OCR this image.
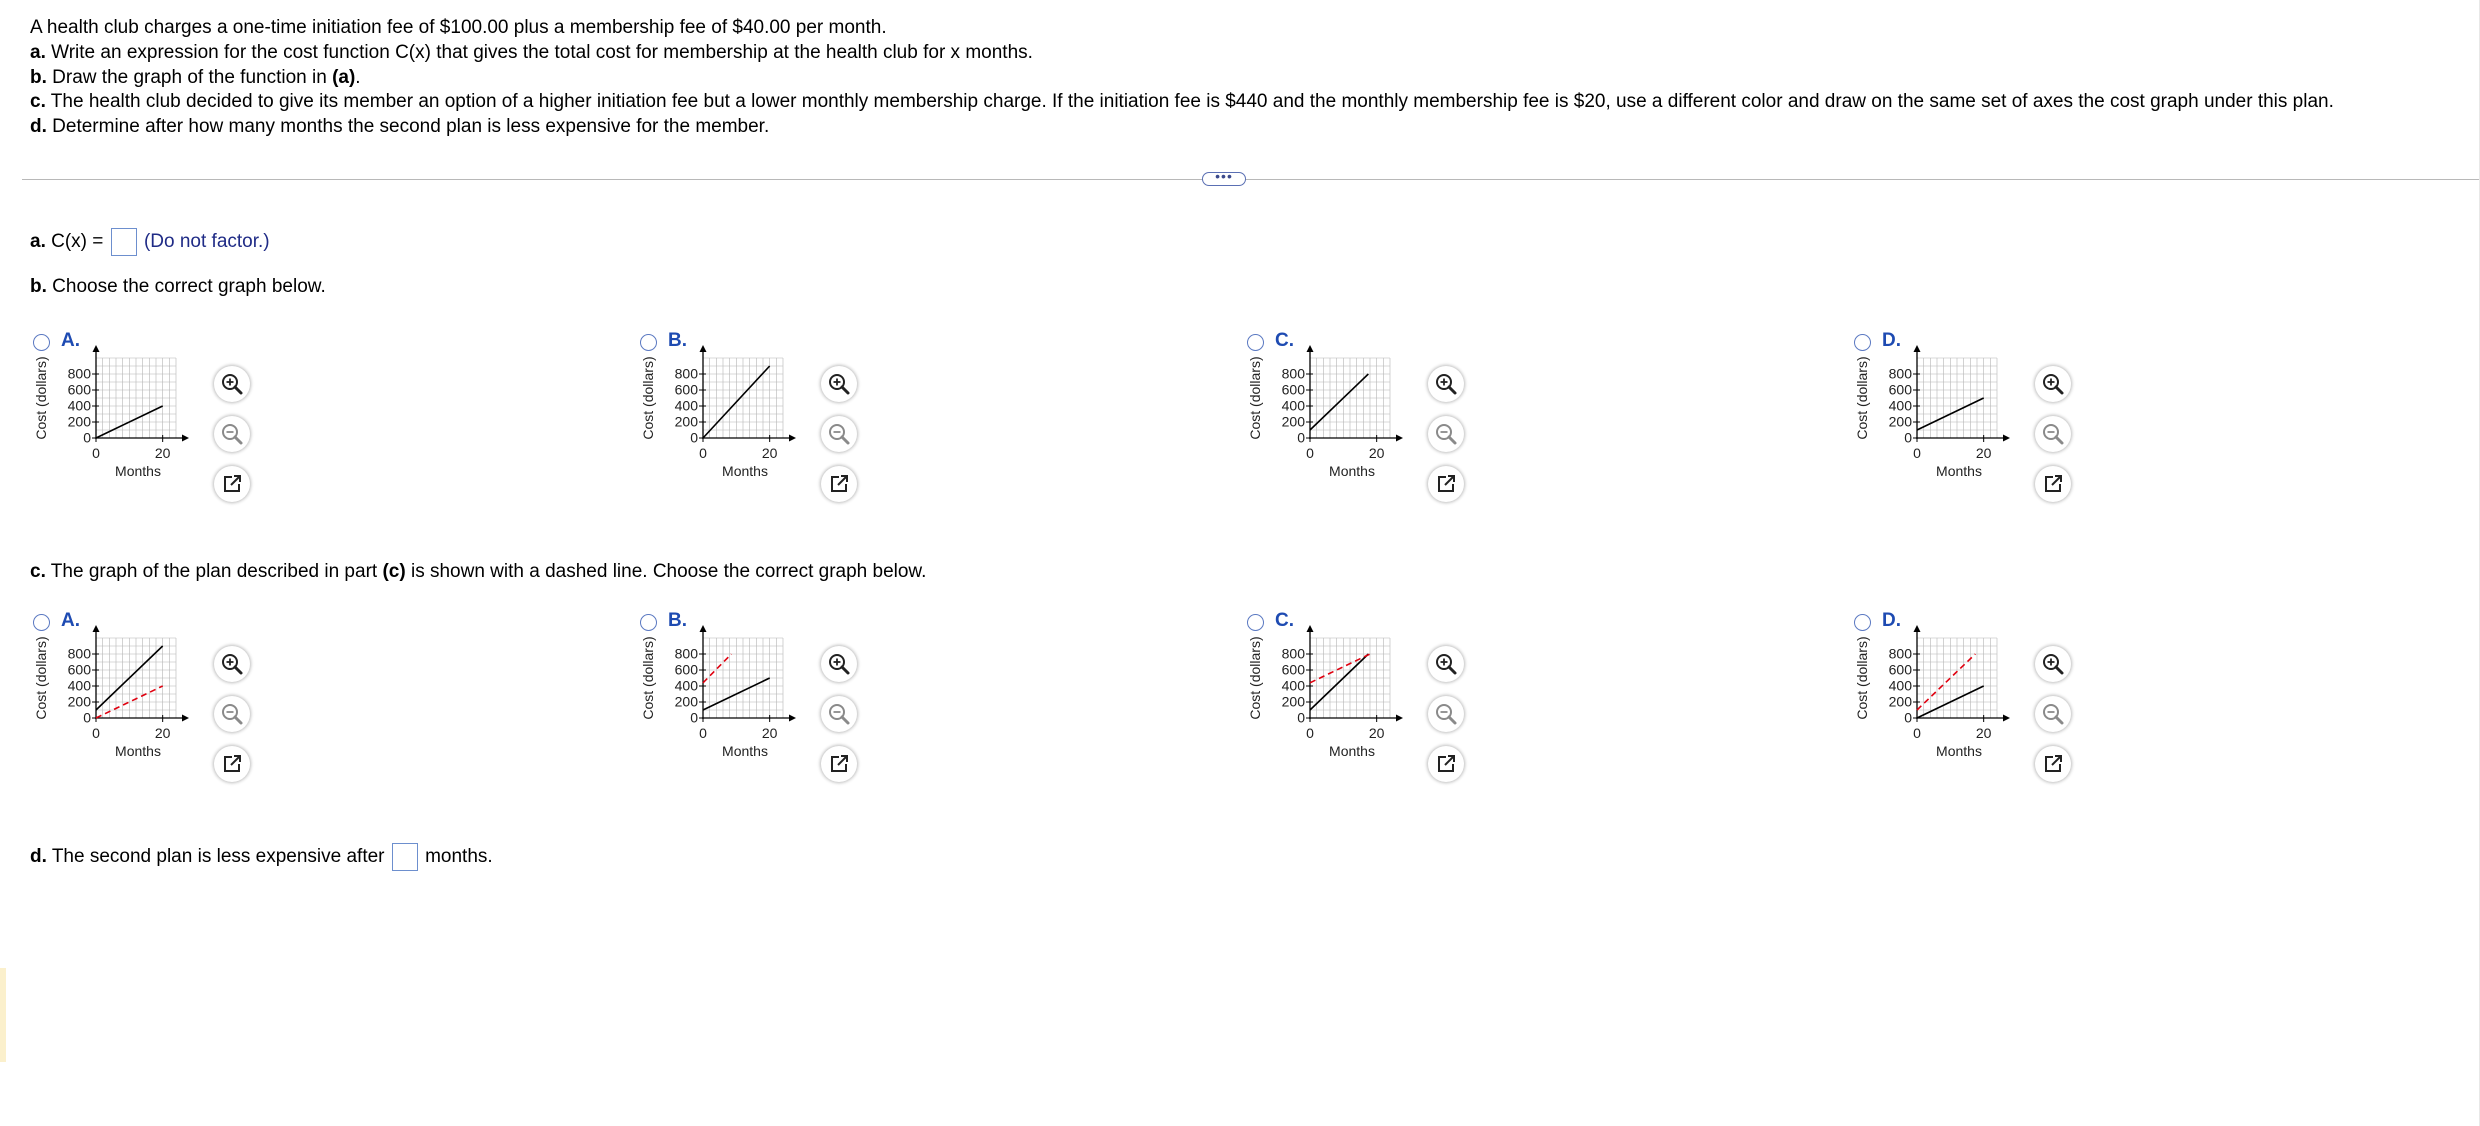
A health club charges a one-time initiation fee of $100.00 plus a membership fee of $40.00 per month.
a. Write an expression for the cost function C(x) that gives the total cost for membership at the health club for x months.
b. Draw the graph of the function in (a).
c. The health club decided to give its member an option of a higher initiation fee but a lower monthly membership charge. If the initiation fee is $440 and the monthly membership fee is $20, use a different color and draw on the same set of axes the cost graph under this plan.
d. Determine after how many months the second plan is less expensive for the member.
•••
a. C(x) = (Do not factor.)
b. Choose the correct graph below.
A.
800
600
400
200
0
0	20
Cost (dollars)
Months
B.
800
600
400
200
0
0	20
Cost (dollars)
Months
C.
800
600
400
200
0
0	20
Cost (dollars)
Months
D.
800
600
400
200
0
0	20
Cost (dollars)
Months
c. The graph of the plan described in part (c) is shown with a dashed line. Choose the correct graph below.
A.
800
600
400
200
0
0	20
Cost (dollars)
Months
B.
800
600
400
200
0
0	20
Cost (dollars)
Months
C.
800
600
400
200
0
0	20
Cost (dollars)
Months
D.
800
600
400
200
0
0	20
Cost (dollars)
Months
d. The second plan is less expensive after months.
